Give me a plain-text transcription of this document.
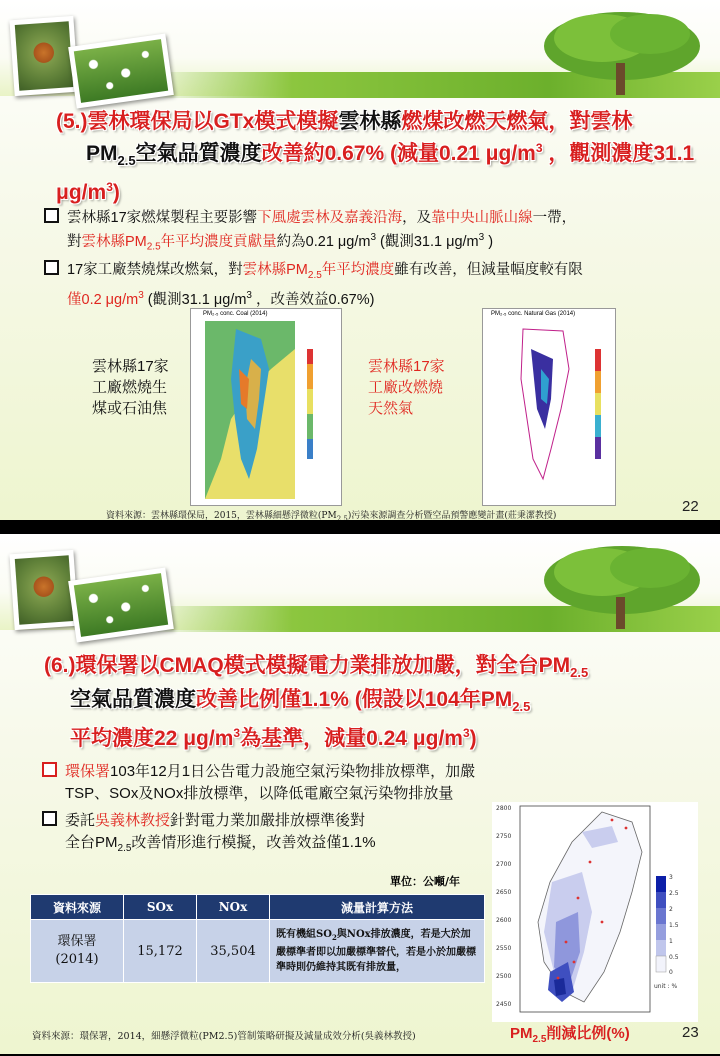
(5.)雲林環保局以GTx模式模擬雲林縣燃煤改燃天燃氣，對雲林
$PM_{2.5}$空氣品質濃度改善約0.67% (減量0.21 $\mu g/m^3$ ，觀測濃度31.1 $\mu g/m^3$)
雲林縣17家燃煤製程主要影響下風處雲林及嘉義沿海，及靠中央山脈山線一帶，
對雲林縣$PM_{2.5}$年平均濃度貢獻量約為0.21 $\mu g/m^3$ (觀測31.1 $\mu g/m^3$ )
17家工廠禁燒煤改燃氣，對雲林縣$PM_{2.5}$年平均濃度雖有改善，但減量幅度較有限
僅0.2 $\mu g/m^3$ (觀測31.1 $\mu g/m^3$ ，改善效益0.67%)
雲林縣17家
工廠燃燒生
煤或石油焦
雲林縣17家
工廠改燃燒
天然氣
PM₂.₅ conc. Coal (2014)	PM₂.₅ conc. Natural Gas (2014)
資料來源：雲林縣環保局，2015，雲林縣細懸浮微粒$(PM_{2.5})$污染來源調查分析暨空品預警應變計畫(莊秉潔教授)
22
(6.)環保署以CMAQ模式模擬電力業排放加嚴，對全台$PM_{2.5}$
空氣品質濃度改善比例僅1.1% (假設以104年$PM_{2.5}$
平均濃度22 $\mu g/m^3$為基準，減量0.24 $\mu g/m^3$)
環保署103年12月1日公告電力設施空氣污染物排放標準，加嚴
TSP、SOx及NOx排放標準，以降低電廠空氣污染物排放量
委託吳義林教授針對電力業加嚴排放標準後對
全台$PM_{2.5}$改善情形進行模擬，改善效益僅1.1%
單位：公噸/年
資料來源	SOx	NOx	減量計算方法

環保署
(2014)	15,172	35,504	既有機組$SO_2$與NOx排放濃度，若是大於加嚴標準者即以加嚴標準替代，若是小於加嚴標準時則仍維持其既有排放量，
2800
2750
2700
2650
2600
2550
2500
2450
3
2.5
2
1.5
1
0.5
0
unit : %
$PM_{2.5}$削減比例(%)
資料來源：環保署，2014，細懸浮微粒(PM2.5)管制策略研擬及減量成效分析(吳義林教授)	23
